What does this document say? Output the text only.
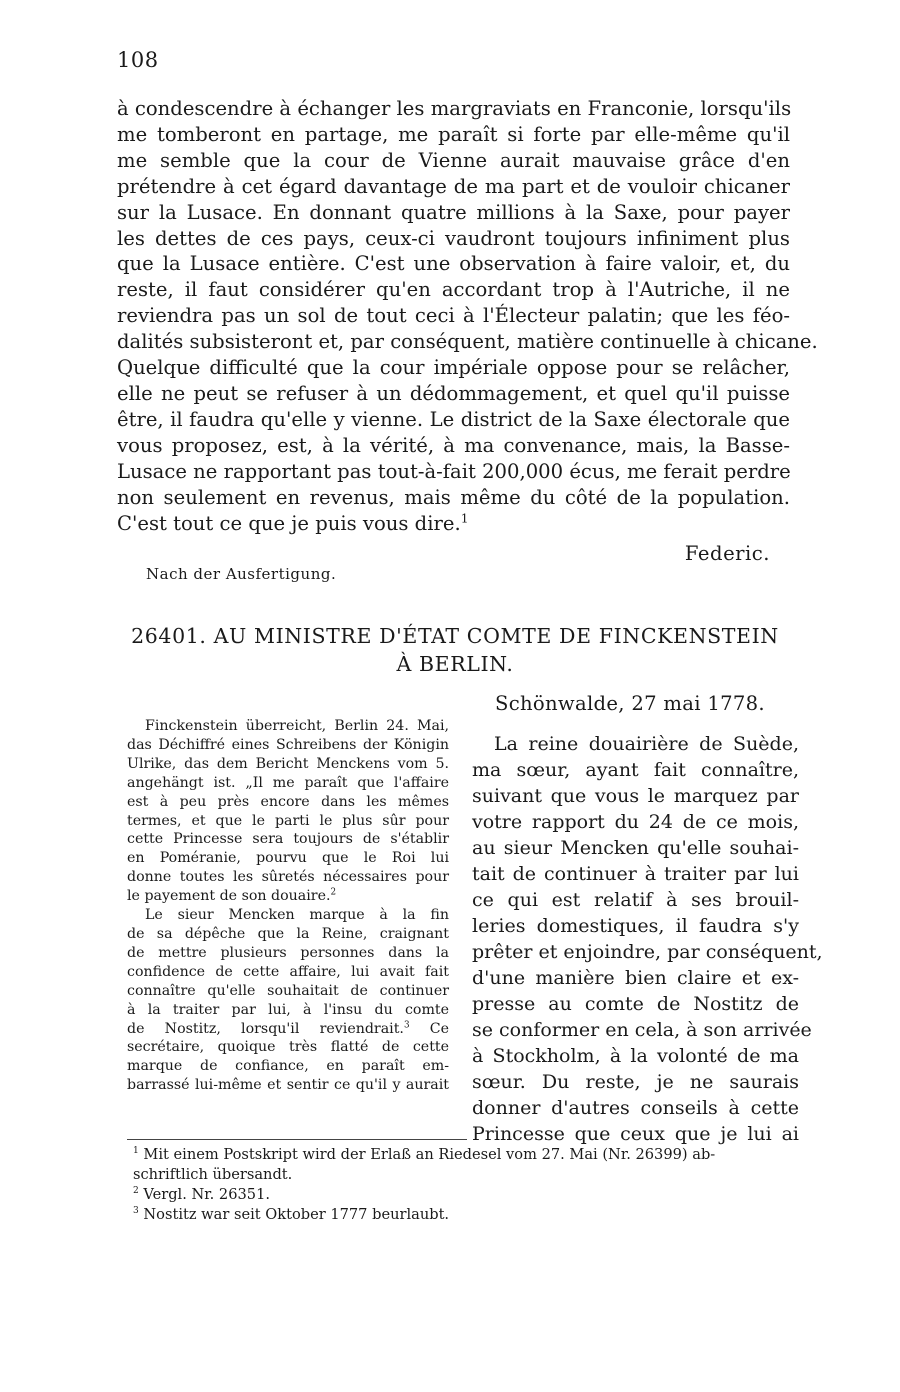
108
à condescendre à échanger les margraviats en Franconie, lorsqu'ils
me tomberont en partage, me paraît si forte par elle-même qu'il
me semble que la cour de Vienne aurait mauvaise grâce d'en
prétendre à cet égard davantage de ma part et de vouloir chicaner
sur la Lusace. En donnant quatre millions à la Saxe, pour payer
les dettes de ces pays, ceux-ci vaudront toujours infiniment plus
que la Lusace entière. C'est une observation à faire valoir, et, du
reste, il faut considérer qu'en accordant trop à l'Autriche, il ne
reviendra pas un sol de tout ceci à l'Électeur palatin; que les féo-
dalités subsisteront et, par conséquent, matière continuelle à chicane.
Quelque difficulté que la cour impériale oppose pour se relâcher,
elle ne peut se refuser à un dédommagement, et quel qu'il puisse
être, il faudra qu'elle y vienne. Le district de la Saxe électorale que
vous proposez, est, à la vérité, à ma convenance, mais, la Basse-
Lusace ne rapportant pas tout-à-fait 200,000 écus, me ferait perdre
non seulement en revenus, mais même du côté de la population.
C'est tout ce que je puis vous dire.$^1$
Federic.
Nach der Ausfertigung.
26401. AU MINISTRE D'ÉTAT COMTE DE FINCKENSTEIN
À BERLIN.
Finckenstein überreicht, Berlin 24. Mai,
das Déchiffré eines Schreibens der Königin
Ulrike, das dem Bericht Menckens vom 5.
angehängt ist. „Il me paraît que l'affaire
est à peu près encore dans les mêmes
termes, et que le parti le plus sûr pour
cette Princesse sera toujours de s'établir
en Poméranie, pourvu que le Roi lui
donne toutes les sûretés nécessaires pour
le payement de son douaire.$^2$
Le sieur Mencken marque à la fin
de sa dépêche que la Reine, craignant
de mettre plusieurs personnes dans la
confidence de cette affaire, lui avait fait
connaître qu'elle souhaitait de continuer
à la traiter par lui, à l'insu du comte
de Nostitz, lorsqu'il reviendrait.$^3$ Ce
secrétaire, quoique très flatté de cette
marque de confiance, en paraît em-
barrassé lui-même et sentir ce qu'il y aurait
Schönwalde, 27 mai 1778.
La reine douairière de Suède,
ma sœur, ayant fait connaître,
suivant que vous le marquez par
votre rapport du 24 de ce mois,
au sieur Mencken qu'elle souhai-
tait de continuer à traiter par lui
ce qui est relatif à ses brouil-
leries domestiques, il faudra s'y
prêter et enjoindre, par conséquent,
d'une manière bien claire et ex-
presse au comte de Nostitz de
se conformer en cela, à son arrivée
à Stockholm, à la volonté de ma
sœur. Du reste, je ne saurais
donner d'autres conseils à cette
Princesse que ceux que je lui ai
$^1$ Mit einem Postskript wird der Erlaß an Riedesel vom 27. Mai (Nr. 26399) ab-
schriftlich übersandt.
$^2$ Vergl. Nr. 26351.
$^3$ Nostitz war seit Oktober 1777 beurlaubt.
